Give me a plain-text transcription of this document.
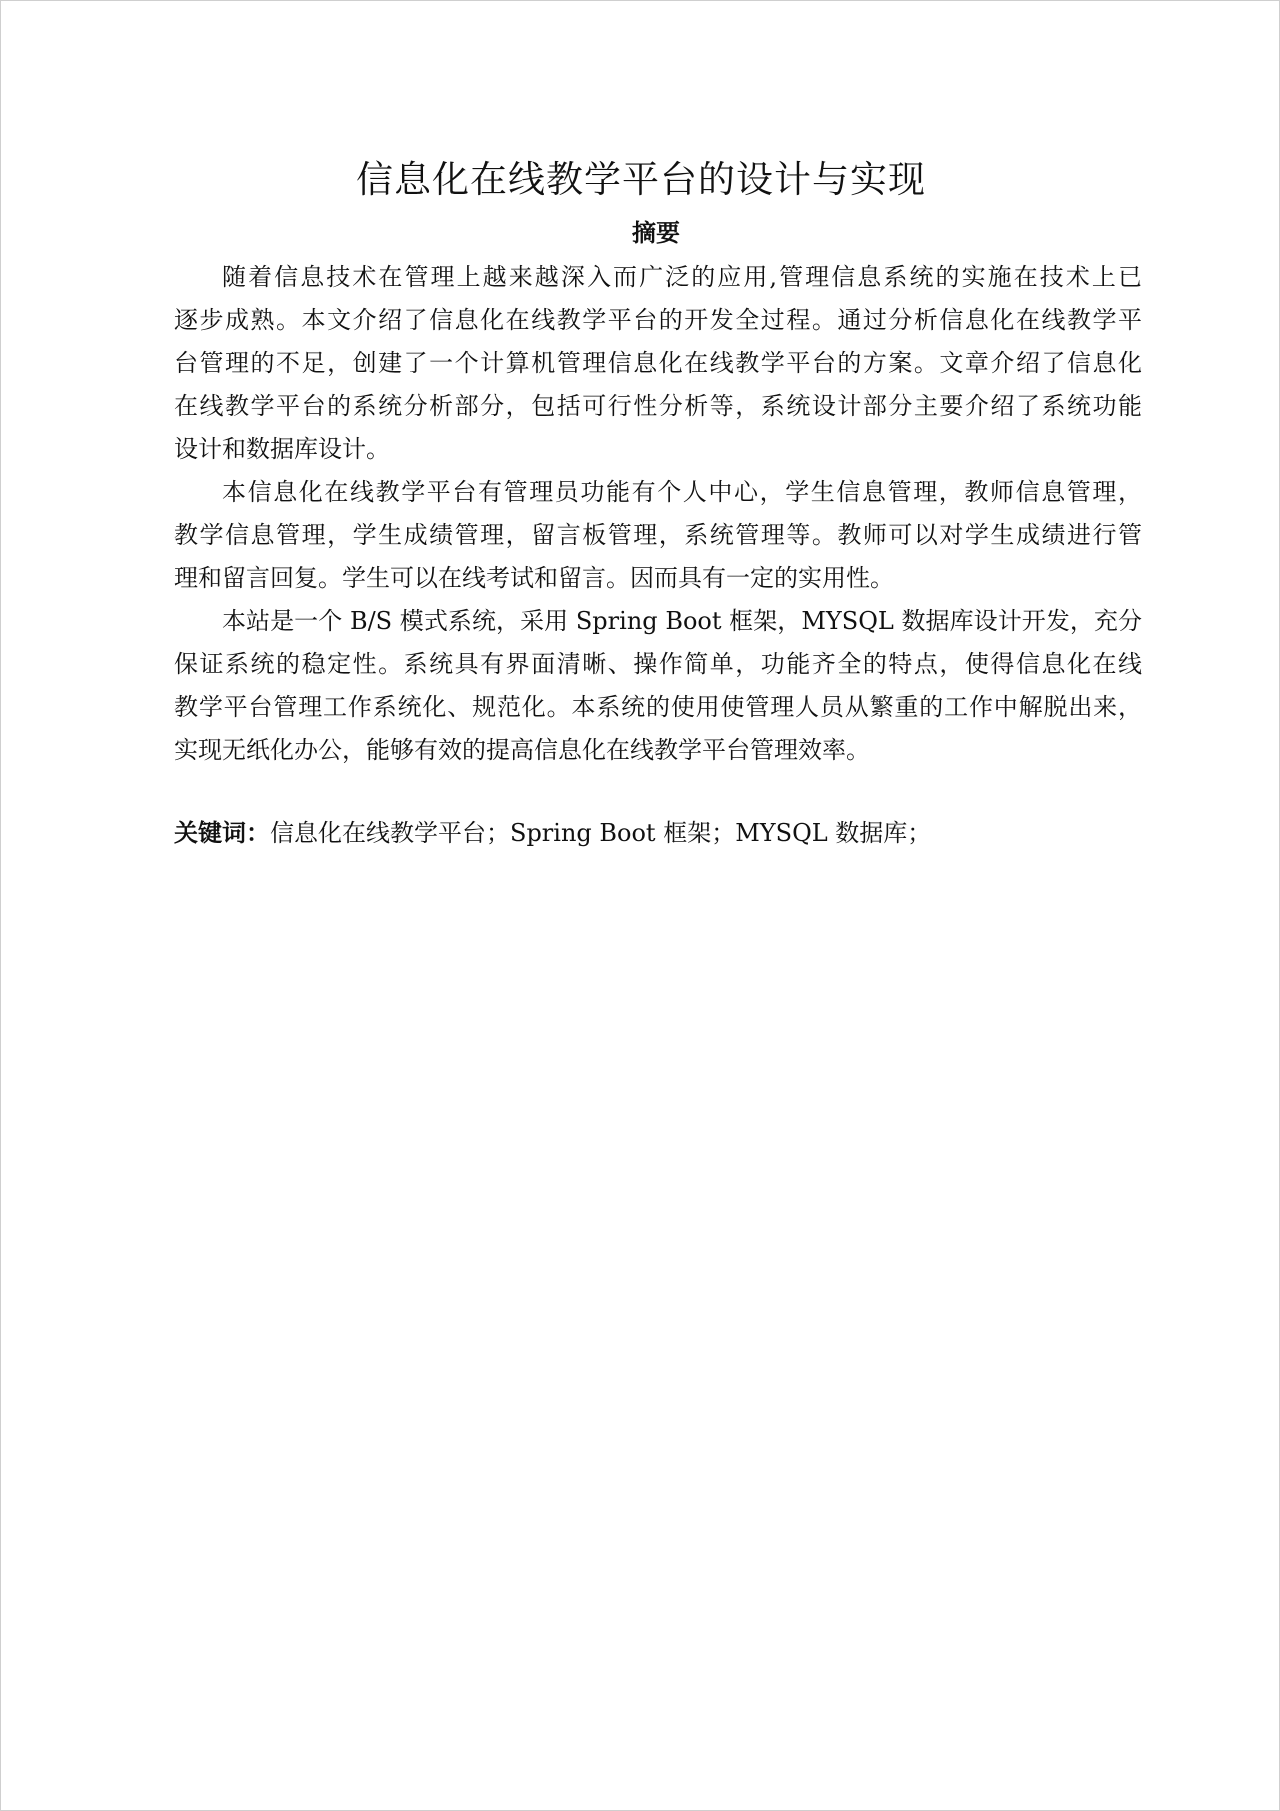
信息化在线教学平台的设计与实现
摘要
随着信息技术在管理上越来越深入而广泛的应用,管理信息系统的实施在技术上已
逐步成熟。本文介绍了信息化在线教学平台的开发全过程。通过分析信息化在线教学平
台管理的不足，创建了一个计算机管理信息化在线教学平台的方案。文章介绍了信息化
在线教学平台的系统分析部分，包括可行性分析等，系统设计部分主要介绍了系统功能
设计和数据库设计。
本信息化在线教学平台有管理员功能有个人中心，学生信息管理，教师信息管理，
教学信息管理，学生成绩管理，留言板管理，系统管理等。教师可以对学生成绩进行管
理和留言回复。学生可以在线考试和留言。因而具有一定的实用性。
本站是一个 B/S 模式系统，采用 Spring Boot 框架，MYSQL 数据库设计开发，充分
保证系统的稳定性。系统具有界面清晰、操作简单，功能齐全的特点，使得信息化在线
教学平台管理工作系统化、规范化。本系统的使用使管理人员从繁重的工作中解脱出来，
实现无纸化办公，能够有效的提高信息化在线教学平台管理效率。
关键词：信息化在线教学平台；Spring Boot 框架；MYSQL 数据库；
